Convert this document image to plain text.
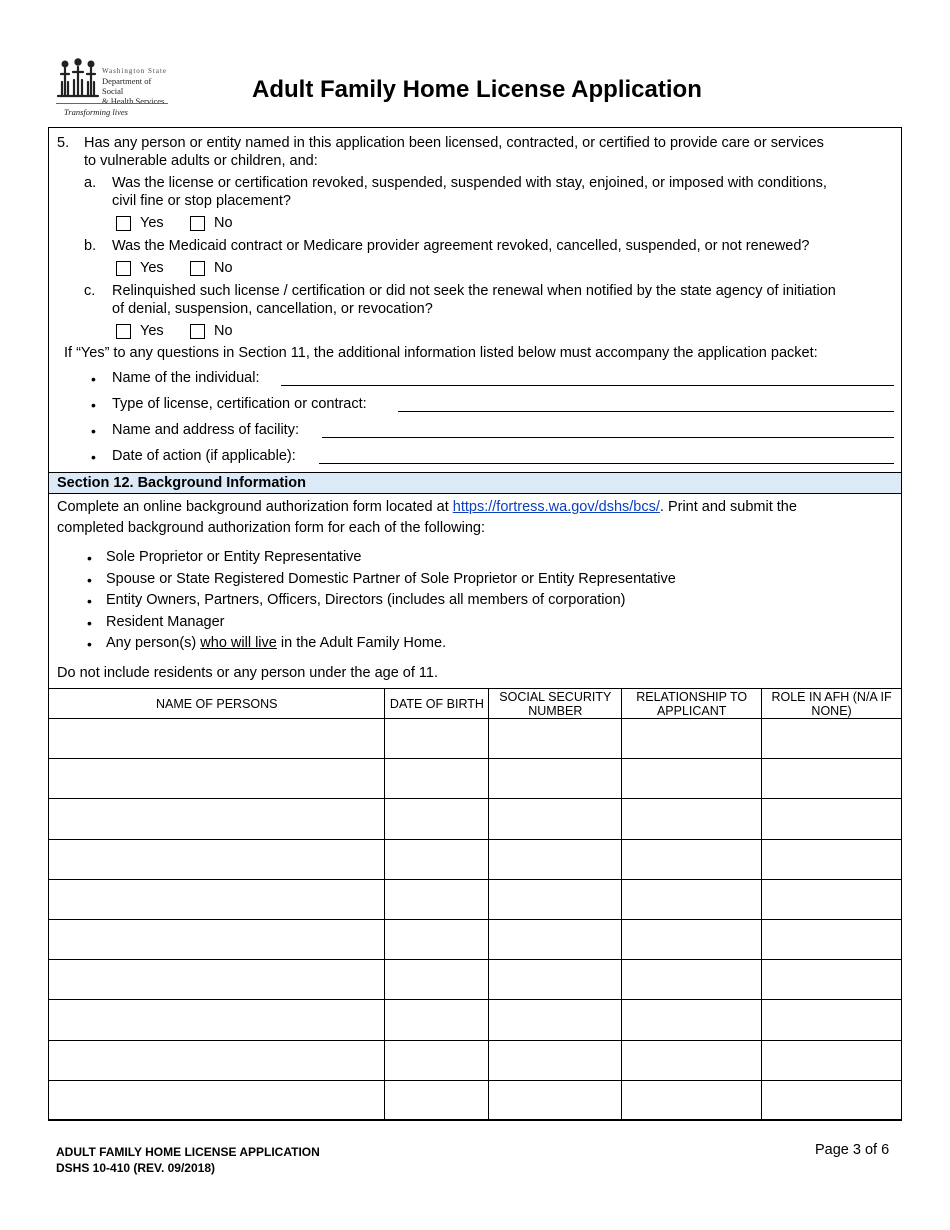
Washington State
Department of Social
& Health Services
Transforming lives
Adult Family Home License Application
5. Has any person or entity named in this application been licensed, contracted, or certified to provide care or services
to vulnerable adults or children, and:
a. Was the license or certification revoked, suspended, suspended with stay, enjoined, or imposed with conditions,
civil fine or stop placement?
Yes	No
b. Was the Medicaid contract or Medicare provider agreement revoked, cancelled, suspended, or not renewed?
Yes	No
c. Relinquished such license / certification or did not seek the renewal when notified by the state agency of initiation
of denial, suspension, cancellation, or revocation?
Yes	No
If “Yes” to any questions in Section 11, the additional information listed below must accompany the application packet:
• Name of the individual:
• Type of license, certification or contract:
• Name and address of facility:
• Date of action (if applicable):
Section 12. Background Information
Complete an online background authorization form located at https://fortress.wa.gov/dshs/bcs/. Print and submit the
completed background authorization form for each of the following:
• Sole Proprietor or Entity Representative
• Spouse or State Registered Domestic Partner of Sole Proprietor or Entity Representative
• Entity Owners, Partners, Officers, Directors (includes all members of corporation)
• Resident Manager
• Any person(s) who will live in the Adult Family Home.
Do not include residents or any person under the age of 11.
NAME OF PERSONS	DATE OF BIRTH	SOCIAL SECURITY NUMBER	RELATIONSHIP TO APPLICANT	ROLE IN AFH (N/A IF NONE)

ADULT FAMILY HOME LICENSE APPLICATION
DSHS 10-410 (REV. 09/2018)
Page 3 of 6
